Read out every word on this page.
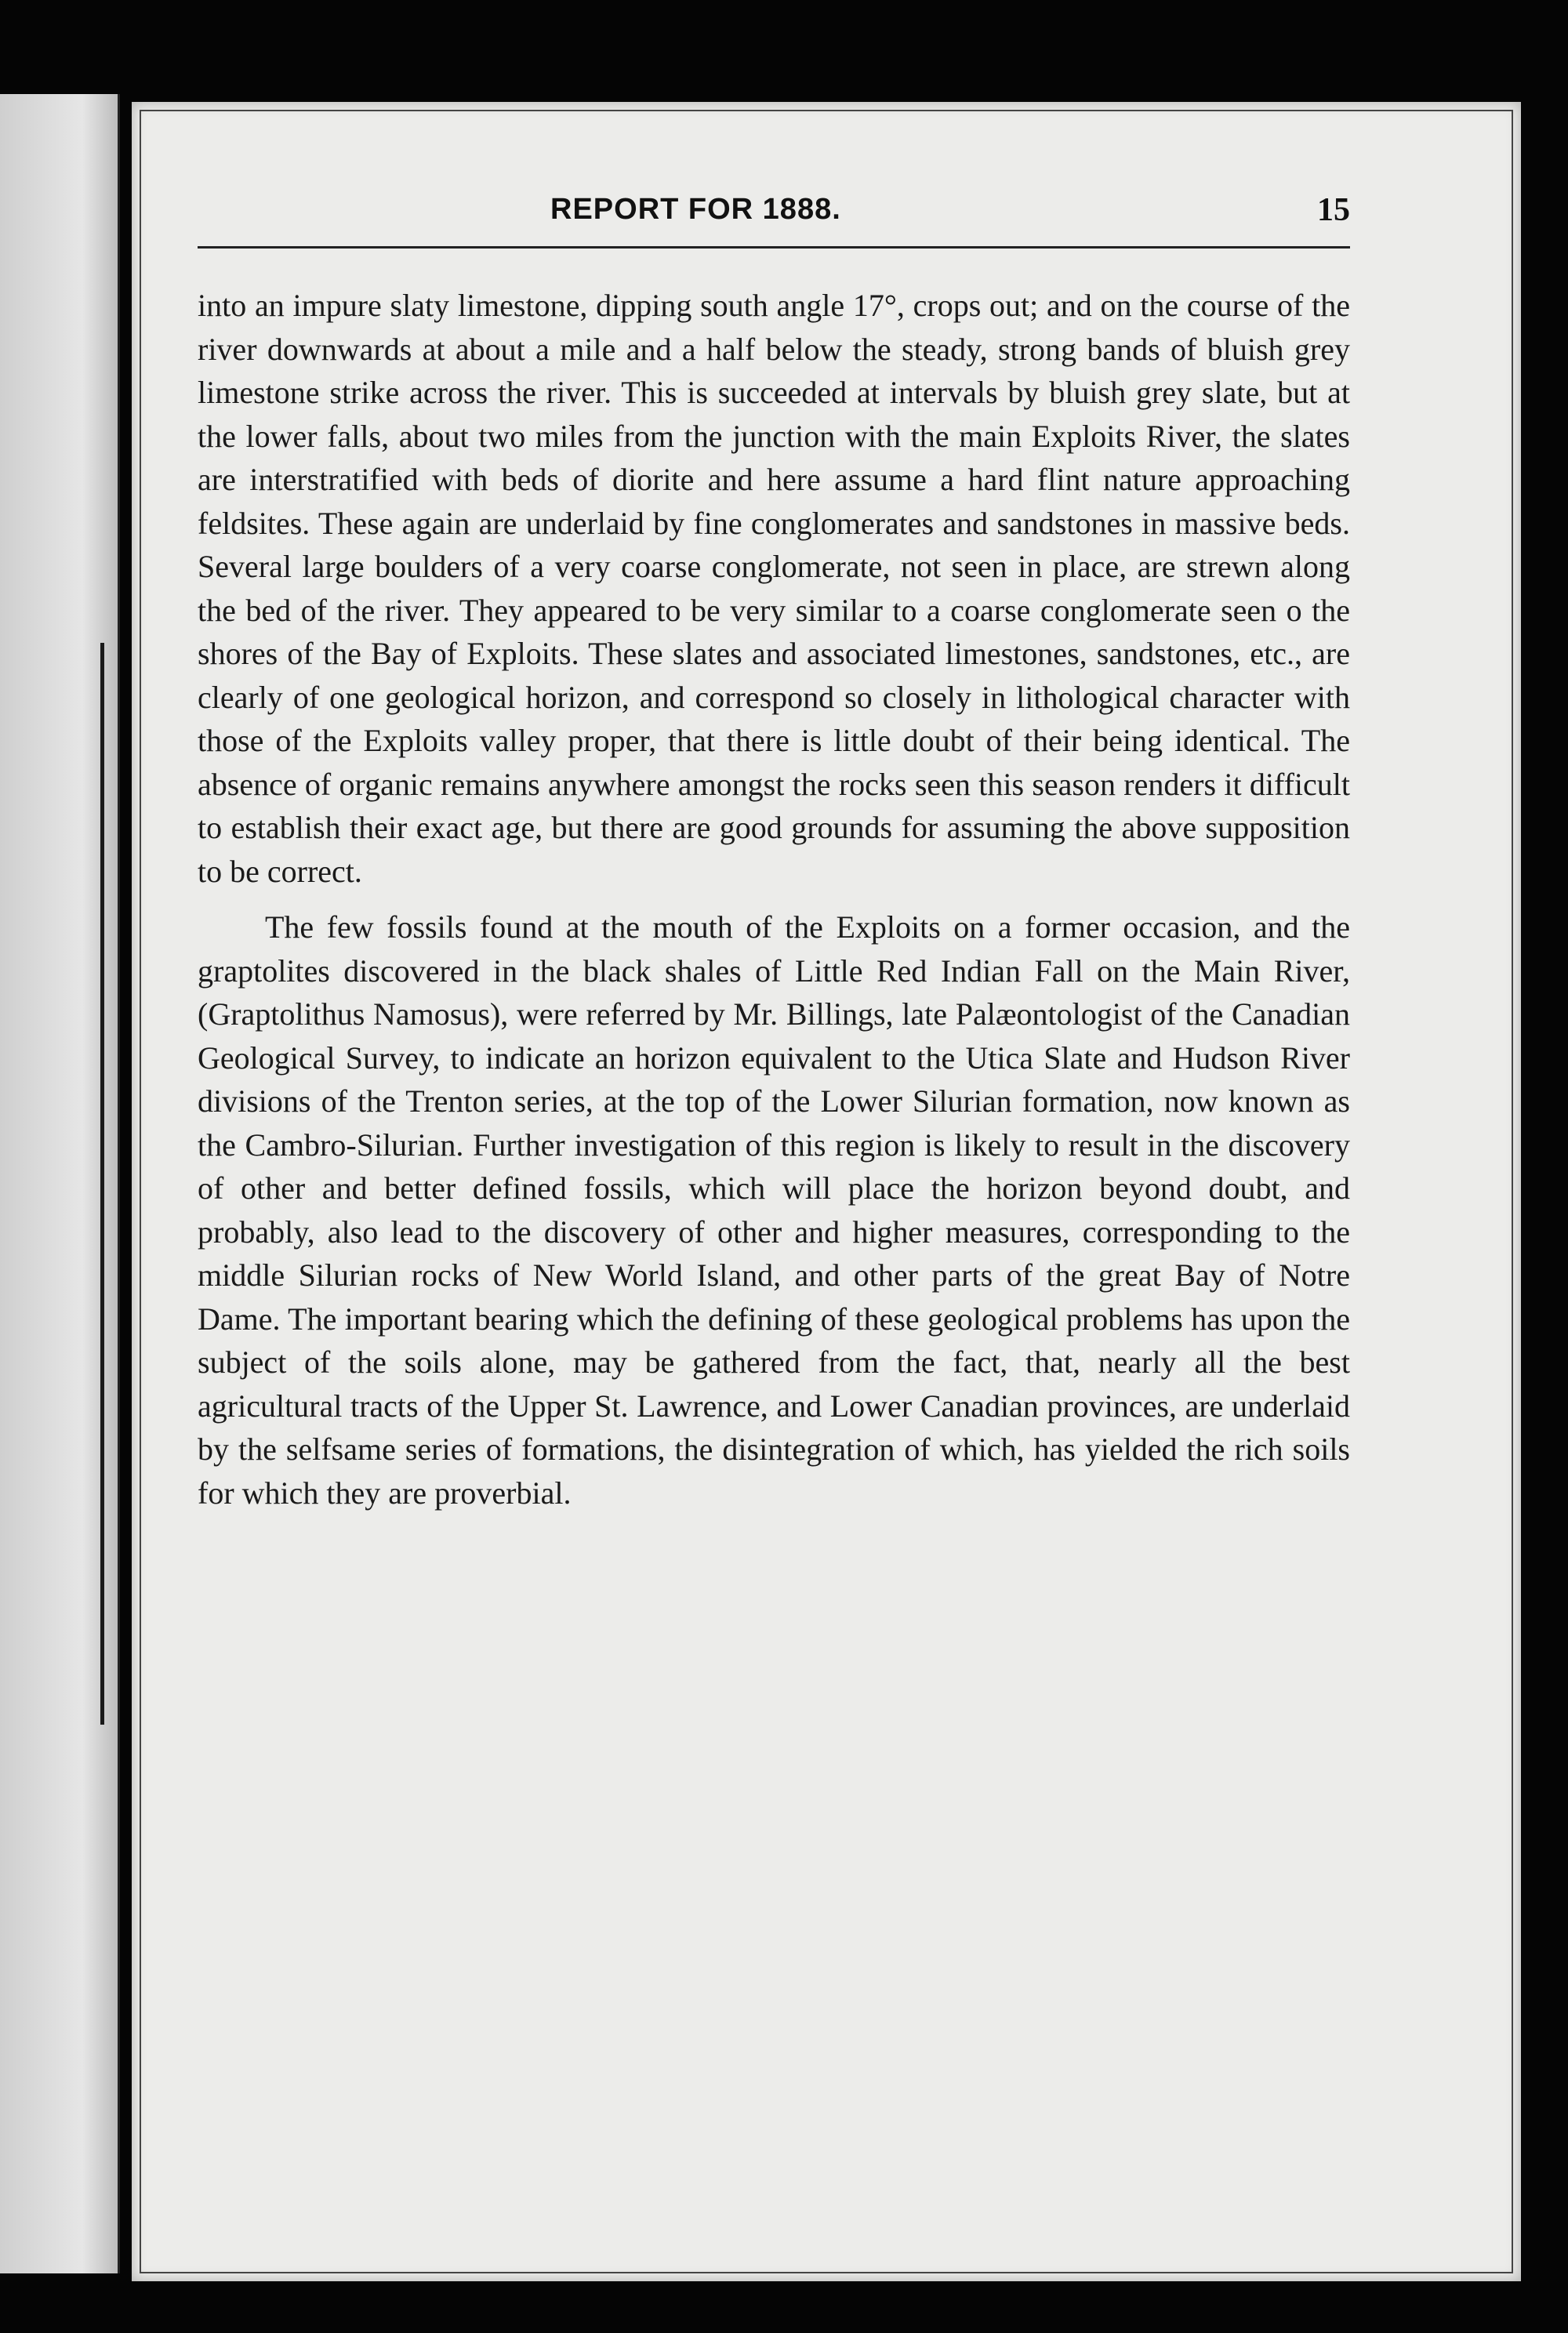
REPORT FOR 1888.	15

into an impure slaty limestone, dipping south angle 17°, crops out; and on the course of the river downwards at about a mile and a half below the steady, strong bands of bluish grey limestone strike across the river. This is succeeded at intervals by bluish grey slate, but at the lower falls, about two miles from the junction with the main Exploits River, the slates are interstratified with beds of diorite and here assume a hard flint nature approaching feldsites. These again are underlaid by fine conglomerates and sandstones in massive beds. Several large boulders of a very coarse conglomerate, not seen in place, are strewn along the bed of the river. They appeared to be very similar to a coarse conglomerate seen o the shores of the Bay of Exploits. These slates and associated limestones, sandstones, etc., are clearly of one geological horizon, and correspond so closely in lithological character with those of the Exploits valley proper, that there is little doubt of their being identical. The absence of organic remains anywhere amongst the rocks seen this season renders it difficult to establish their exact age, but there are good grounds for assuming the above supposition to be correct.

The few fossils found at the mouth of the Exploits on a former occasion, and the graptolites discovered in the black shales of Little Red Indian Fall on the Main River, (Graptolithus Namosus), were referred by Mr. Billings, late Palæontologist of the Canadian Geological Survey, to indicate an horizon equivalent to the Utica Slate and Hudson River divisions of the Trenton series, at the top of the Lower Silurian formation, now known as the Cambro-Silurian. Further investigation of this region is likely to result in the discovery of other and better defined fossils, which will place the horizon beyond doubt, and probably, also lead to the discovery of other and higher measures, corresponding to the middle Silurian rocks of New World Island, and other parts of the great Bay of Notre Dame. The important bearing which the defining of these geological problems has upon the subject of the soils alone, may be gathered from the fact, that, nearly all the best agricultural tracts of the Upper St. Lawrence, and Lower Canadian provinces, are underlaid by the selfsame series of formations, the disintegration of which, has yielded the rich soils for which they are proverbial.
